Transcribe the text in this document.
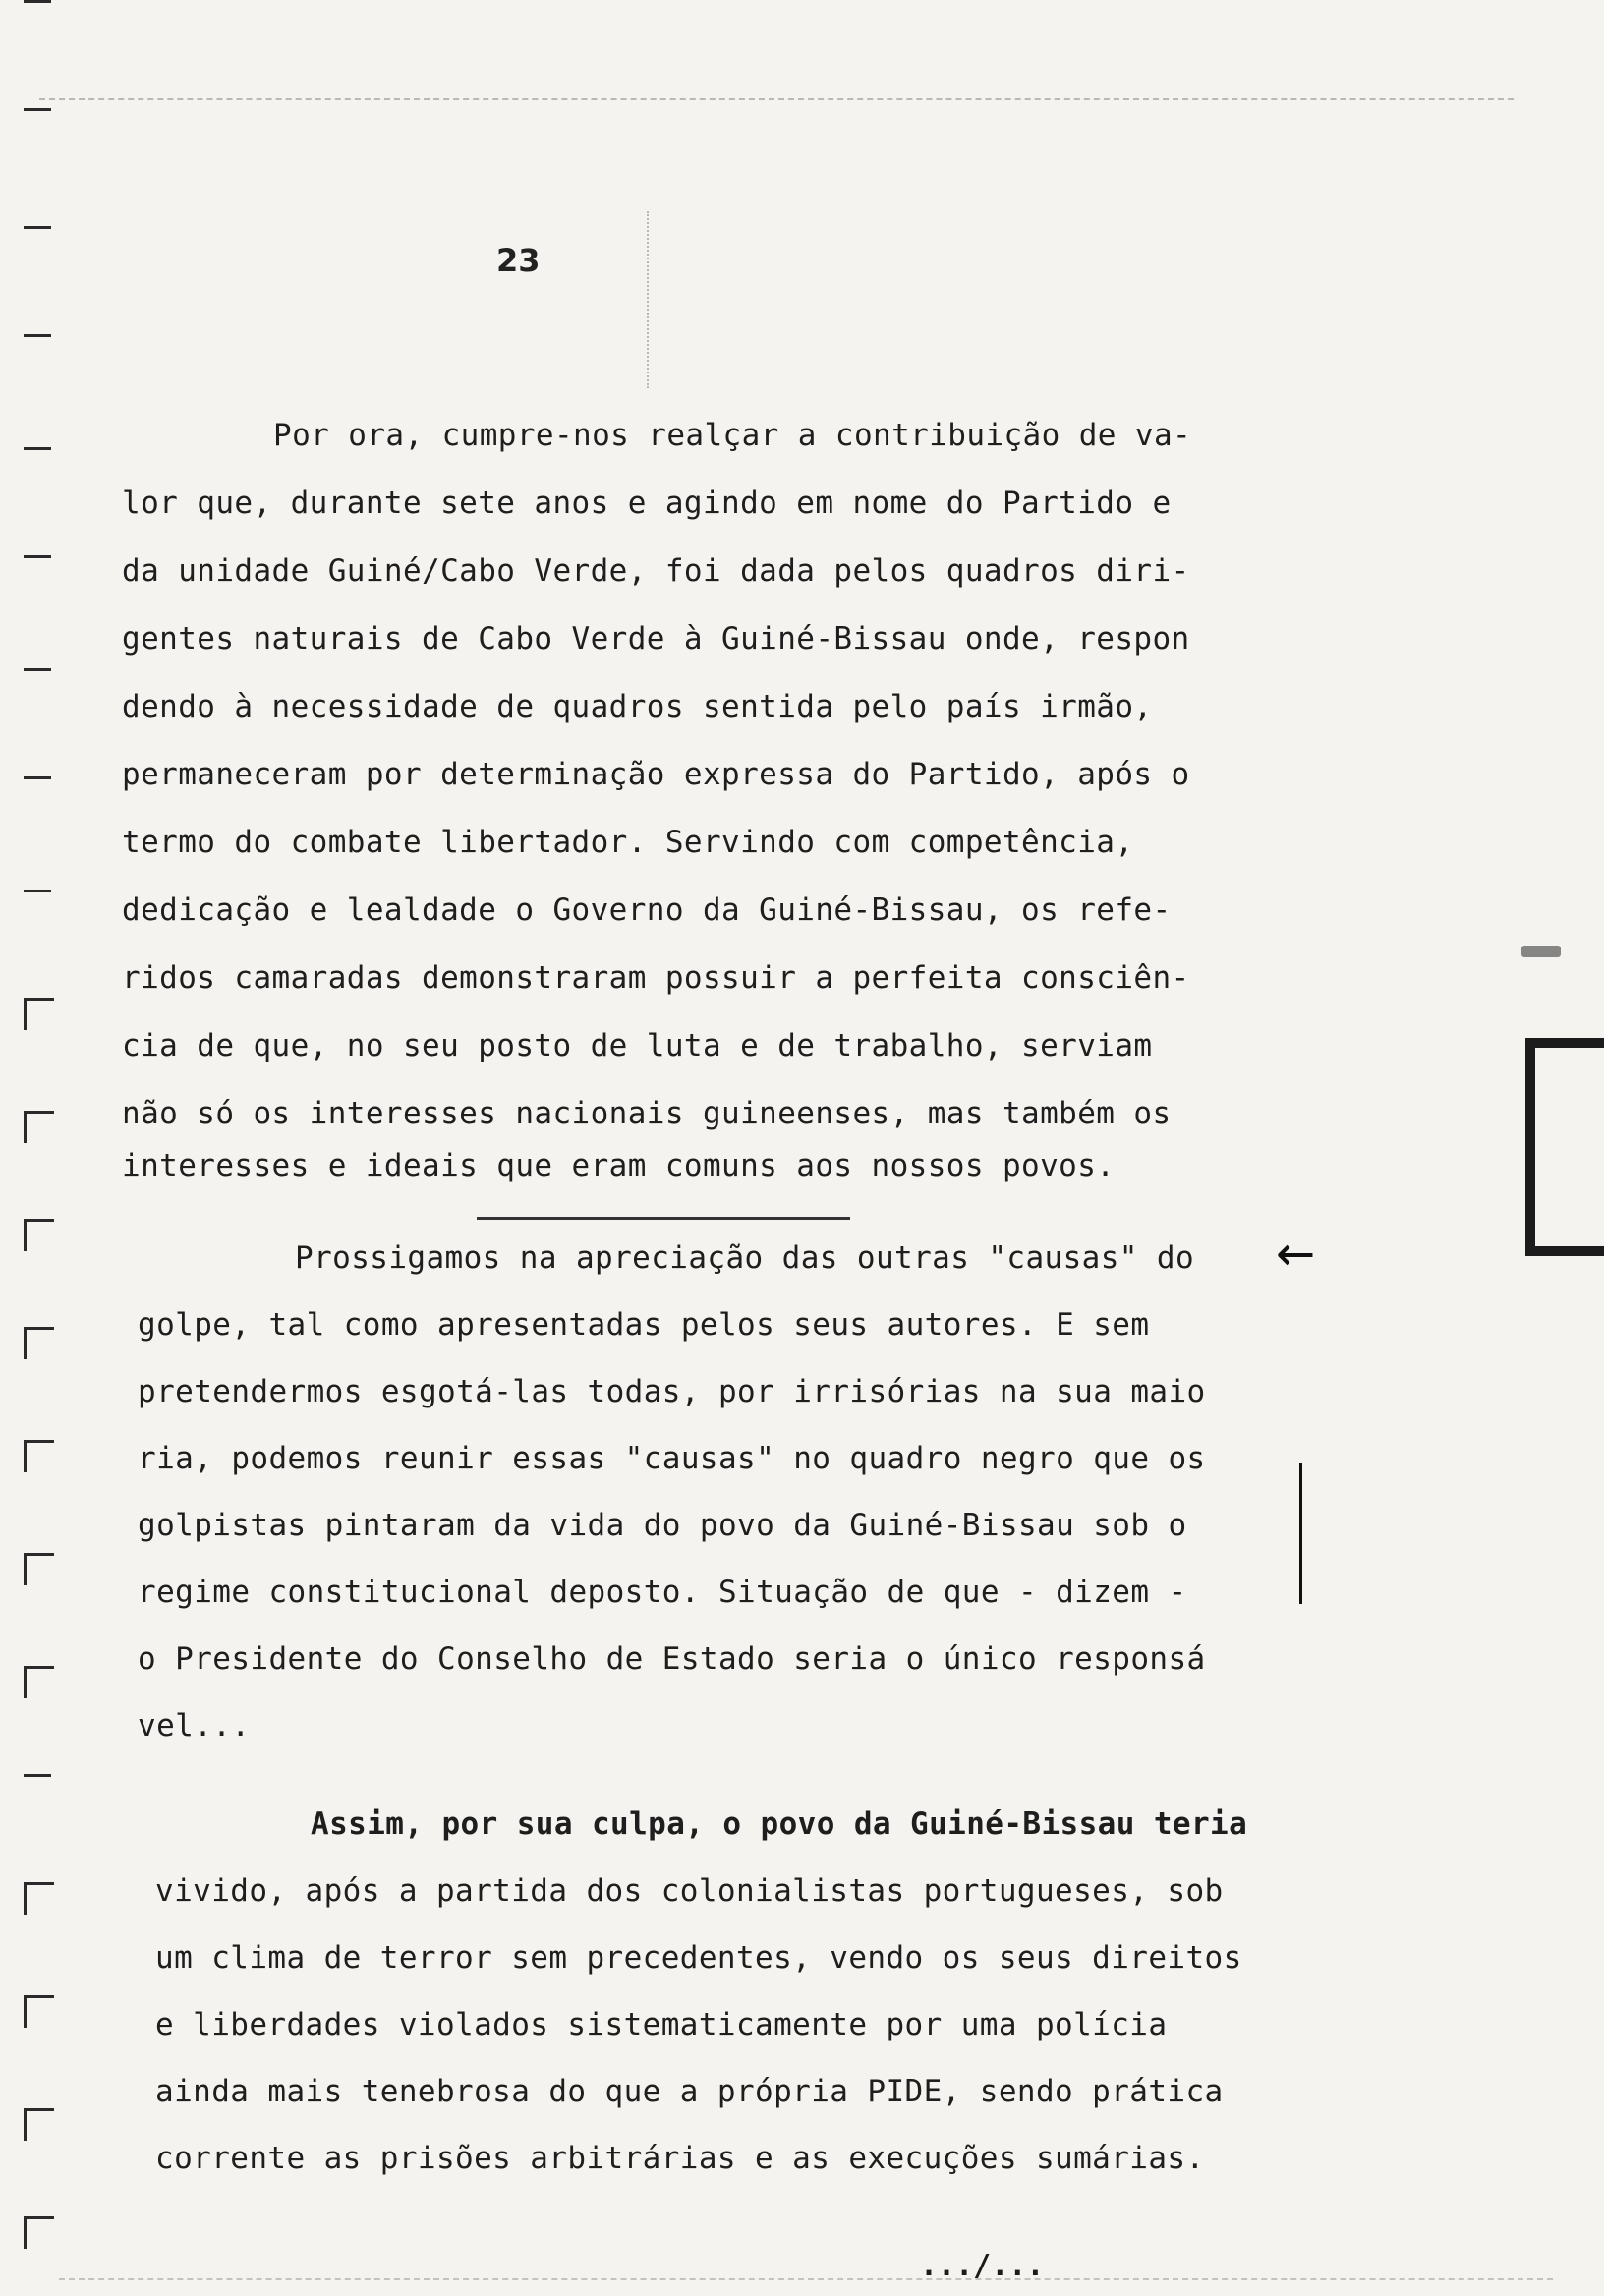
23
Por ora, cumpre-nos realçar a contribuição de va-
lor que, durante sete anos e agindo em nome do Partido e
da unidade Guiné/Cabo Verde, foi dada pelos quadros diri-
gentes naturais de Cabo Verde à Guiné-Bissau onde, respon
dendo à necessidade de quadros sentida pelo país irmão,
permaneceram por determinação expressa do Partido, após o
termo do combate libertador. Servindo com competência,
dedicação e lealdade o Governo da Guiné-Bissau, os refe-
ridos camaradas demonstraram possuir a perfeita consciên-
cia de que, no seu posto de luta e de trabalho, serviam
não só os interesses nacionais guineenses, mas também os
interesses e ideais que eram comuns aos nossos povos.
Prossigamos na apreciação das outras "causas" do
golpe, tal como apresentadas pelos seus autores. E sem
pretendermos esgotá-las todas, por irrisórias na sua maio
ria, podemos reunir essas "causas" no quadro negro que os
golpistas pintaram da vida do povo da Guiné-Bissau sob o
regime constitucional deposto. Situação de que - dizem -
o Presidente do Conselho de Estado seria o único responsá
vel...
←
Assim, por sua culpa, o povo da Guiné-Bissau teria
vivido, após a partida dos colonialistas portugueses, sob
um clima de terror sem precedentes, vendo os seus direitos
e liberdades violados sistematicamente por uma polícia
ainda mais tenebrosa do que a própria PIDE, sendo prática
corrente as prisões arbitrárias e as execuções sumárias.
.../...
